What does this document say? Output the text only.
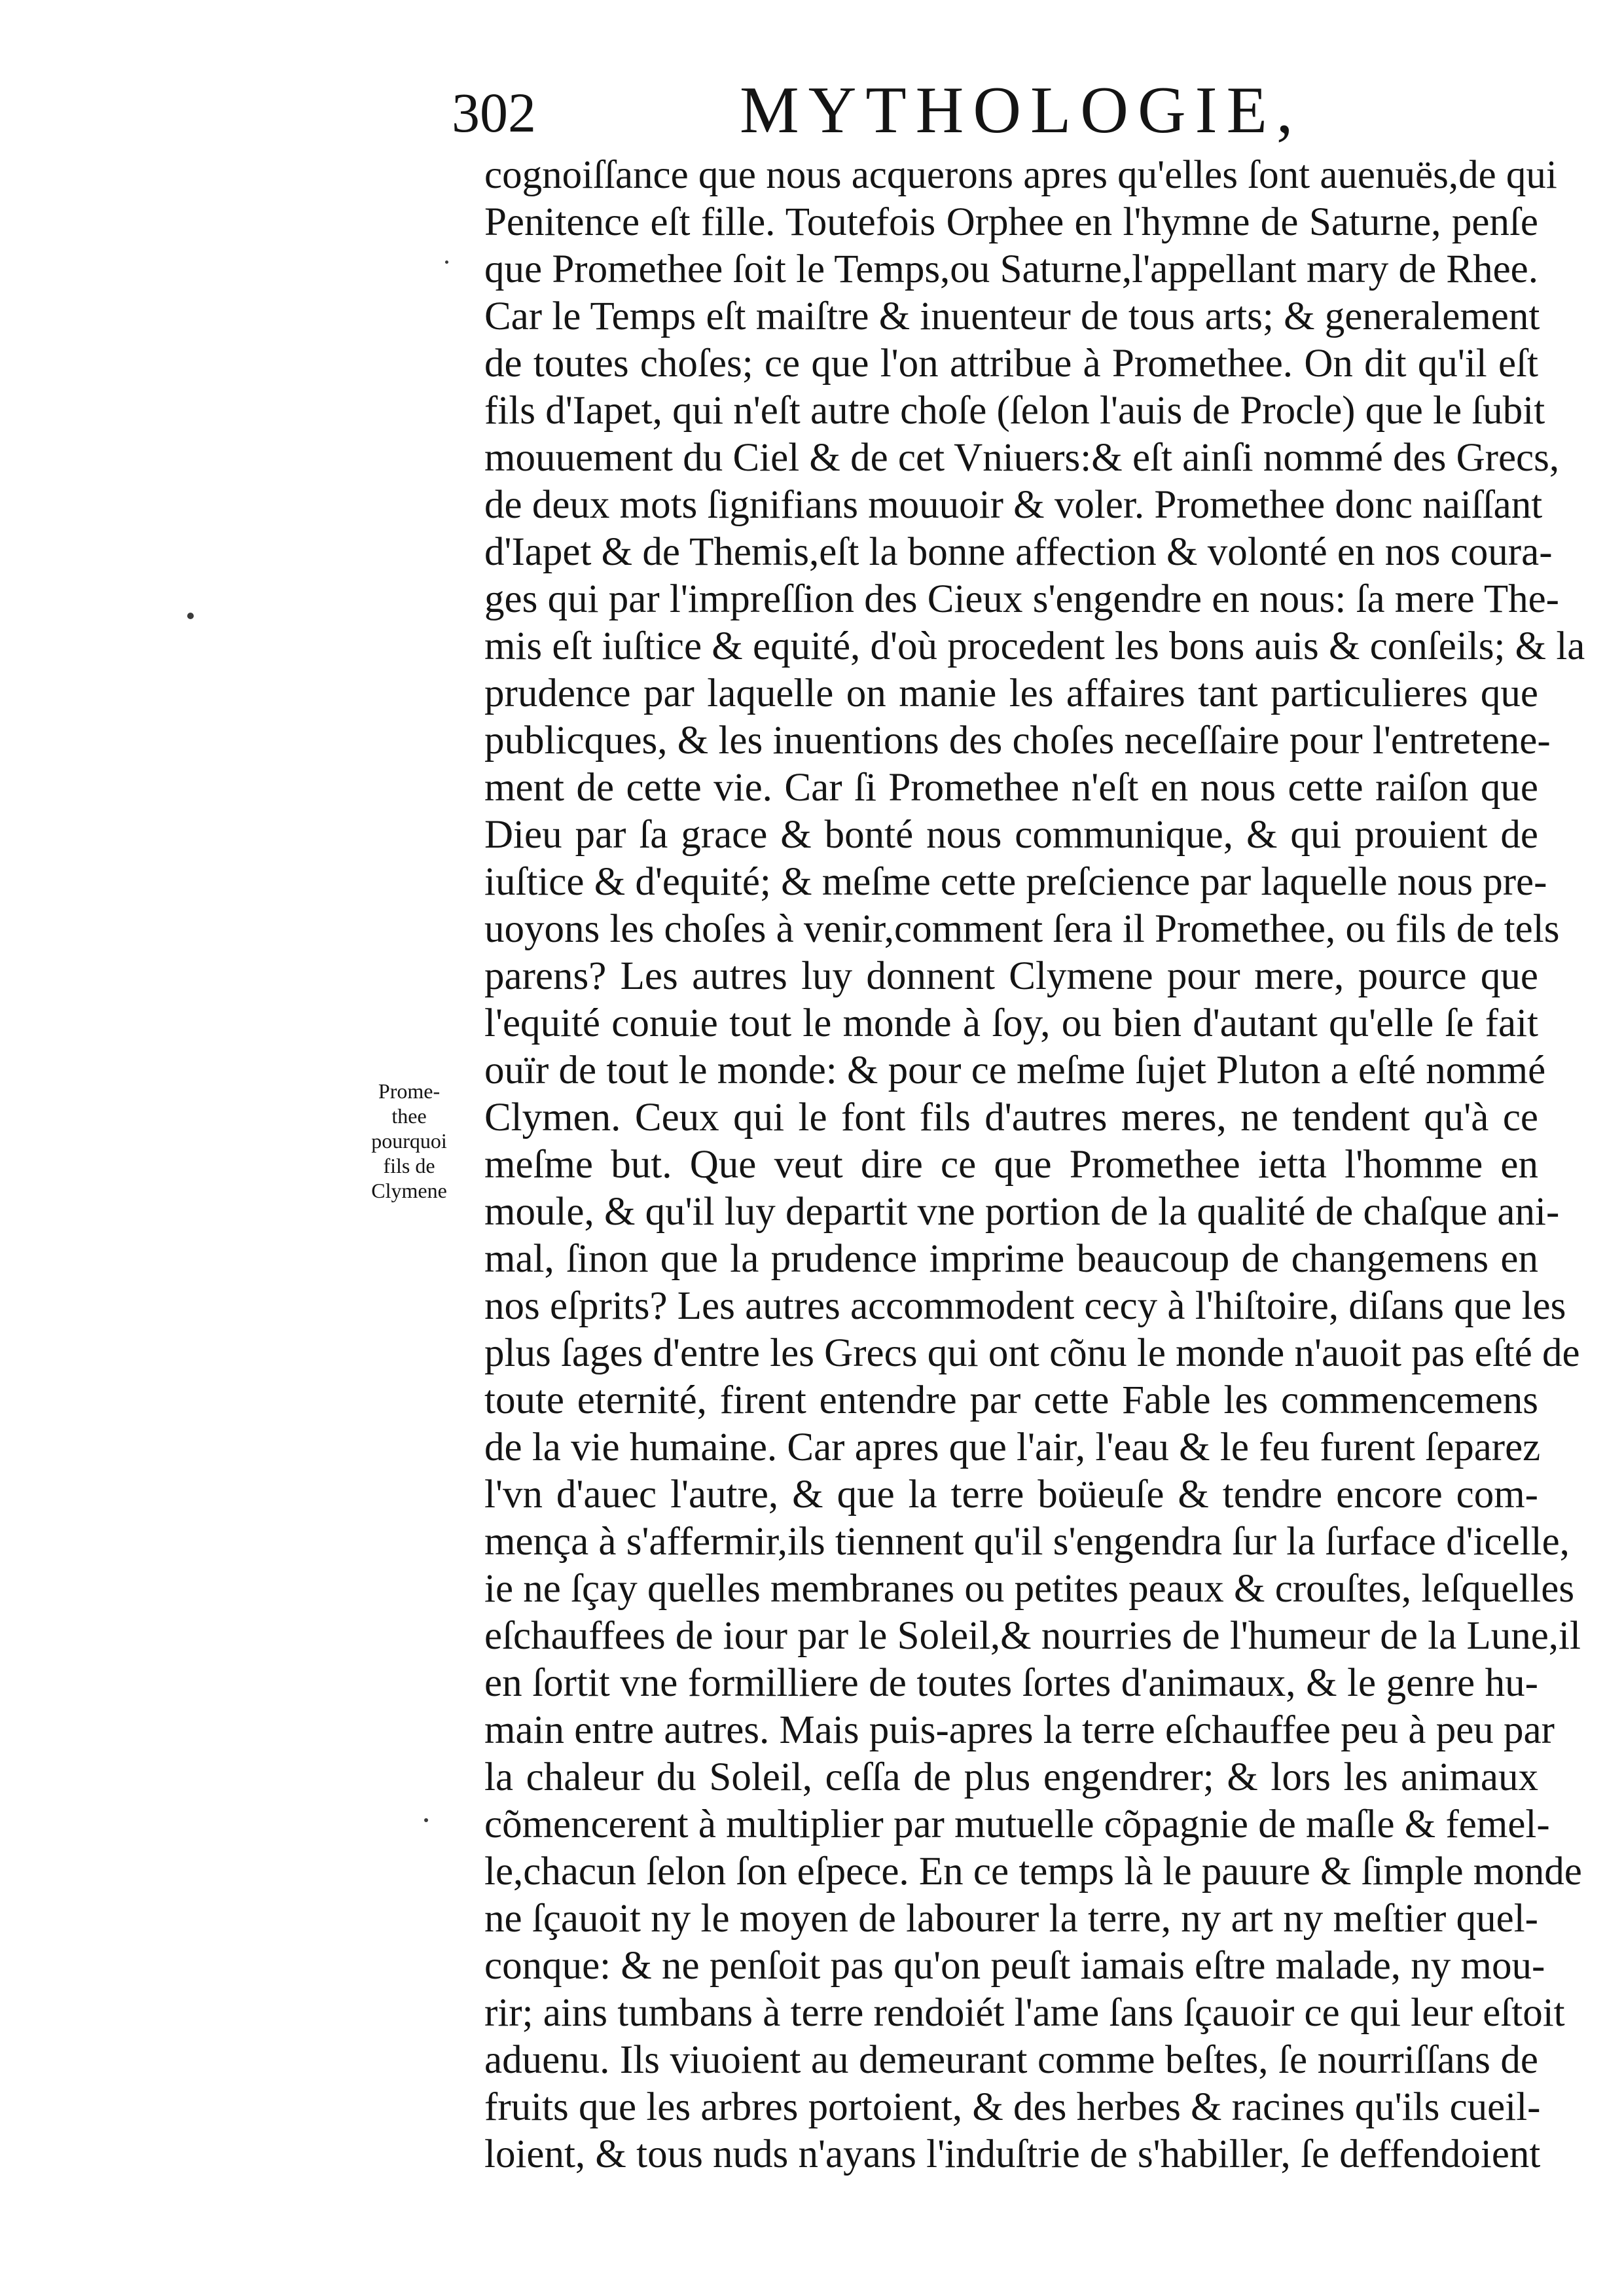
302	MYTHOLOGIE,
cognoiſſance que nous acquerons apres qu'elles ſont auenuës,de qui
Penitence eſt fille. Toutefois Orphee en l'hymne de Saturne, penſe
que Promethee ſoit le Temps,ou Saturne,l'appellant mary de Rhee.
Car le Temps eſt maiſtre & inuenteur de tous arts; & generalement
de toutes choſes; ce que l'on attribue à Promethee. On dit qu'il eſt
fils d'Iapet, qui n'eſt autre choſe (ſelon l'auis de Procle) que le ſubit
mouuement du Ciel & de cet Vniuers:& eſt ainſi nommé des Grecs,
de deux mots ſignifians mouuoir & voler. Promethee donc naiſſant
d'Iapet & de Themis,eſt la bonne affection & volonté en nos coura-
ges qui par l'impreſſion des Cieux s'engendre en nous: ſa mere The-
mis eſt iuſtice & equité, d'où procedent les bons auis & conſeils; & la
prudence par laquelle on manie les affaires tant particulieres que
publicques, & les inuentions des choſes neceſſaire pour l'entretene-
ment de cette vie. Car ſi Promethee n'eſt en nous cette raiſon que
Dieu par ſa grace & bonté nous communique, & qui prouient de
iuſtice & d'equité; & meſme cette preſcience par laquelle nous pre-
uoyons les choſes à venir,comment ſera il Promethee, ou fils de tels
parens? Les autres luy donnent Clymene pour mere, pource que
l'equité conuie tout le monde à ſoy, ou bien d'autant qu'elle ſe fait
ouïr de tout le monde: & pour ce meſme ſujet Pluton a eſté nommé
Clymen. Ceux qui le font fils d'autres meres, ne tendent qu'à ce
meſme but. Que veut dire ce que Promethee ietta l'homme en
moule, & qu'il luy departit vne portion de la qualité de chaſque ani-
mal, ſinon que la prudence imprime beaucoup de changemens en
nos eſprits? Les autres accommodent cecy à l'hiſtoire, diſans que les
plus ſages d'entre les Grecs qui ont cõnu le monde n'auoit pas eſté de
toute eternité, firent entendre par cette Fable les commencemens
de la vie humaine. Car apres que l'air, l'eau & le feu furent ſeparez
l'vn d'auec l'autre, & que la terre boüeuſe & tendre encore com-
mença à s'affermir,ils tiennent qu'il s'engendra ſur la ſurface d'icelle,
ie ne ſçay quelles membranes ou petites peaux & crouſtes, leſquelles
eſchauffees de iour par le Soleil,& nourries de l'humeur de la Lune,il
en ſortit vne formilliere de toutes ſortes d'animaux, & le genre hu-
main entre autres. Mais puis-apres la terre eſchauffee peu à peu par
la chaleur du Soleil, ceſſa de plus engendrer; & lors les animaux
cõmencerent à multiplier par mutuelle cõpagnie de maſle & femel-
le,chacun ſelon ſon eſpece. En ce temps là le pauure & ſimple monde
ne ſçauoit ny le moyen de labourer la terre, ny art ny meſtier quel-
conque: & ne penſoit pas qu'on peuſt iamais eſtre malade, ny mou-
rir; ains tumbans à terre rendoiét l'ame ſans ſçauoir ce qui leur eſtoit
aduenu. Ils viuoient au demeurant comme beſtes, ſe nourriſſans de
fruits que les arbres portoient, & des herbes & racines qu'ils cueil-
loient, & tous nuds n'ayans l'induſtrie de s'habiller, ſe deffendoient
Prome-
thee
pourquoi
fils de
Clymene
